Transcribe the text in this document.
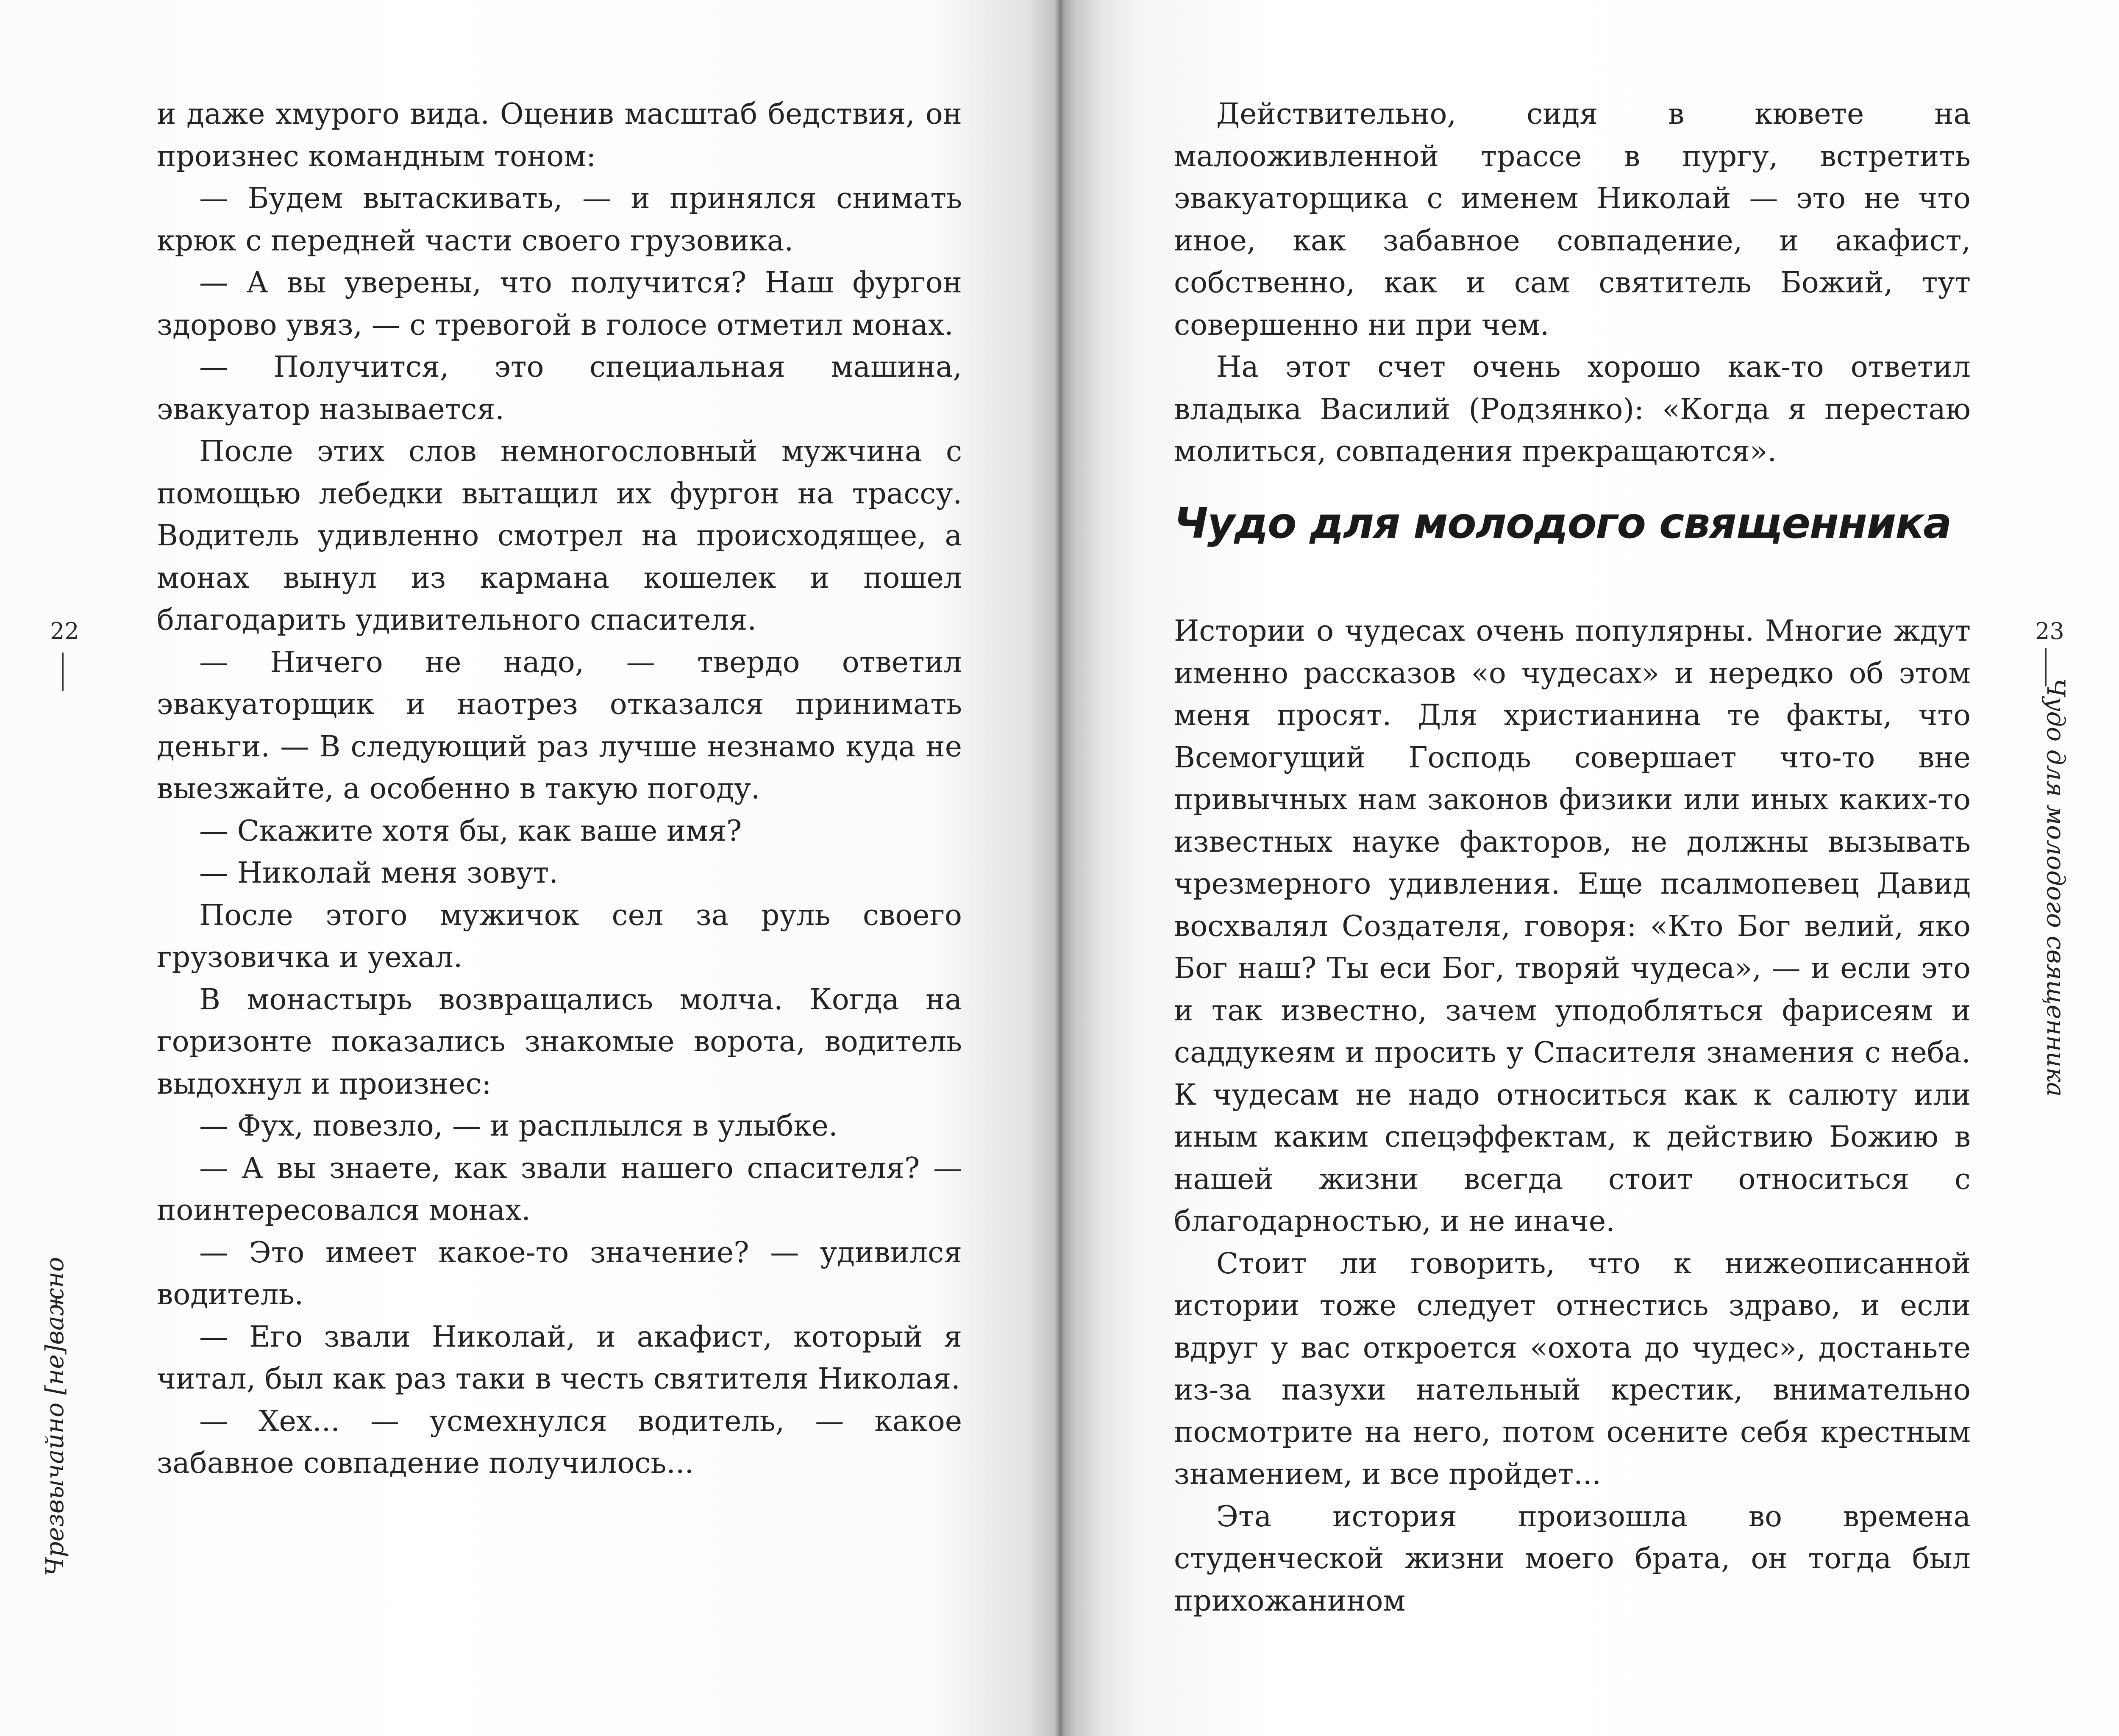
22
Чрезвычайно [не]важно
23
Чудо для молодого священника

и даже хмурого вида. Оценив масштаб бедствия, он произнес командным тоном:

— Будем вытаскивать, — и принялся снимать крюк с передней части своего грузовика.

— А вы уверены, что получится? Наш фургон здорово увяз, — с тревогой в голосе отметил монах.

— Получится, это специальная машина, эвакуатор называется.

После этих слов немногословный мужчина с помощью лебедки вытащил их фургон на трассу. Водитель удивленно смотрел на происходящее, а монах вынул из кармана кошелек и пошел благодарить удивительного спасителя.

— Ничего не надо, — твердо ответил эвакуаторщик и наотрез отказался принимать деньги. — В следующий раз лучше незнамо куда не выезжайте, а особенно в такую погоду.

— Скажите хотя бы, как ваше имя?

— Николай меня зовут.

После этого мужичок сел за руль своего грузовичка и уехал.

В монастырь возвращались молча. Когда на горизонте показались знакомые ворота, водитель выдохнул и произнес:

— Фух, повезло, — и расплылся в улыбке.

— А вы знаете, как звали нашего спасителя? — поинтересовался монах.

— Это имеет какое-то значение? — удивился водитель.

— Его звали Николай, и акафист, который я читал, был как раз таки в честь святителя Николая.

— Хех... — усмехнулся водитель, — какое забавное совпадение получилось...

Действительно, сидя в кювете на малооживленной трассе в пургу, встретить эвакуаторщика с именем Николай — это не что иное, как забавное совпадение, и акафист, собственно, как и сам святитель Божий, тут совершенно ни при чем.

На этот счет очень хорошо как-то ответил владыка Василий (Родзянко): «Когда я перестаю молиться, совпадения прекращаются».

Чудо для молодого священника

Истории о чудесах очень популярны. Многие ждут именно рассказов «о чудесах» и нередко об этом меня просят. Для христианина те факты, что Всемогущий Господь совершает что-то вне привычных нам законов физики или иных каких-то известных науке факторов, не должны вызывать чрезмерного удивления. Еще псалмопевец Давид восхвалял Создателя, говоря: «Кто Бог велий, яко Бог наш? Ты еси Бог, творяй чудеса», — и если это и так известно, зачем уподобляться фарисеям и саддукеям и просить у Спасителя знамения с неба. К чудесам не надо относиться как к салюту или иным каким спецэффектам, к действию Божию в нашей жизни всегда стоит относиться с благодарностью, и не иначе.

Стоит ли говорить, что к нижеописанной истории тоже следует отнестись здраво, и если вдруг у вас откроется «охота до чудес», достаньте из-за пазухи нательный крестик, внимательно посмотрите на него, потом осените себя крестным знамением, и все пройдет...

Эта история произошла во времена студенческой жизни моего брата, он тогда был прихожанином
